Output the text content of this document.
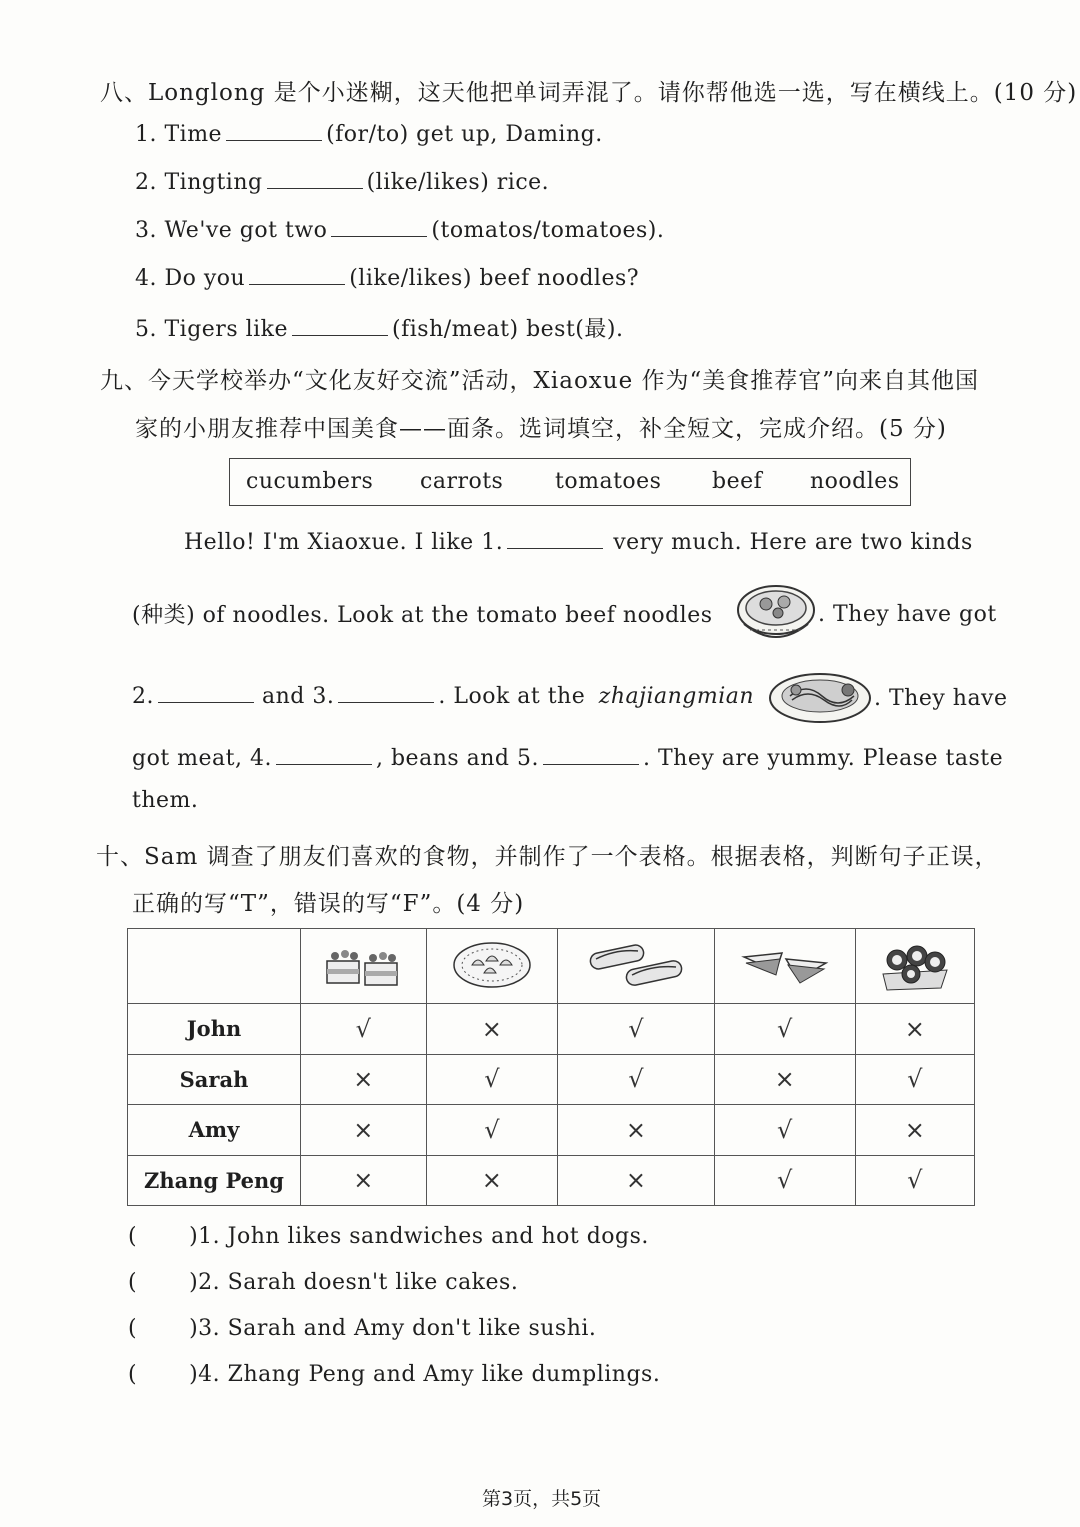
八、Longlong 是个小迷糊，这天他把单词弄混了。请你帮他选一选，写在横线上。(10 分)
1. Time	(for/to) get up, Daming.
2. Tingting	(like/likes) rice.
3. We've got two	(tomatos/tomatoes).
4. Do you	(like/likes) beef noodles?
5. Tigers like	(fish/meat) best(最).
九、今天学校举办“文化友好交流”活动，Xiaoxue 作为“美食推荐官”向来自其他国
家的小朋友推荐中国美食——面条。选词填空，补全短文，完成介绍。(5 分)
cucumbers carrots tomatoes beef noodles
Hello! I'm Xiaoxue. I like 1.	very much. Here are two kinds
(种类) of noodles. Look at the tomato beef noodles	. They have got
2.	and 3.	. Look at the zhajiangmian	. They have
got meat, 4.	, beans and 5.	. They are yummy. Please taste
them.
十、Sam 调查了朋友们喜欢的食物，并制作了一个表格。根据表格，判断句子正误，
正确的写“T”，错误的写“F”。(4 分)

John	√	×	√	√	×
Sarah	×	√	√	×	√
Amy	×	√	×	√	×
Zhang Peng	×	×	×	√	√
( )1. John likes sandwiches and hot dogs.
( )2. Sarah doesn't like cakes.
( )3. Sarah and Amy don't like sushi.
( )4. Zhang Peng and Amy like dumplings.
第3页，共5页
